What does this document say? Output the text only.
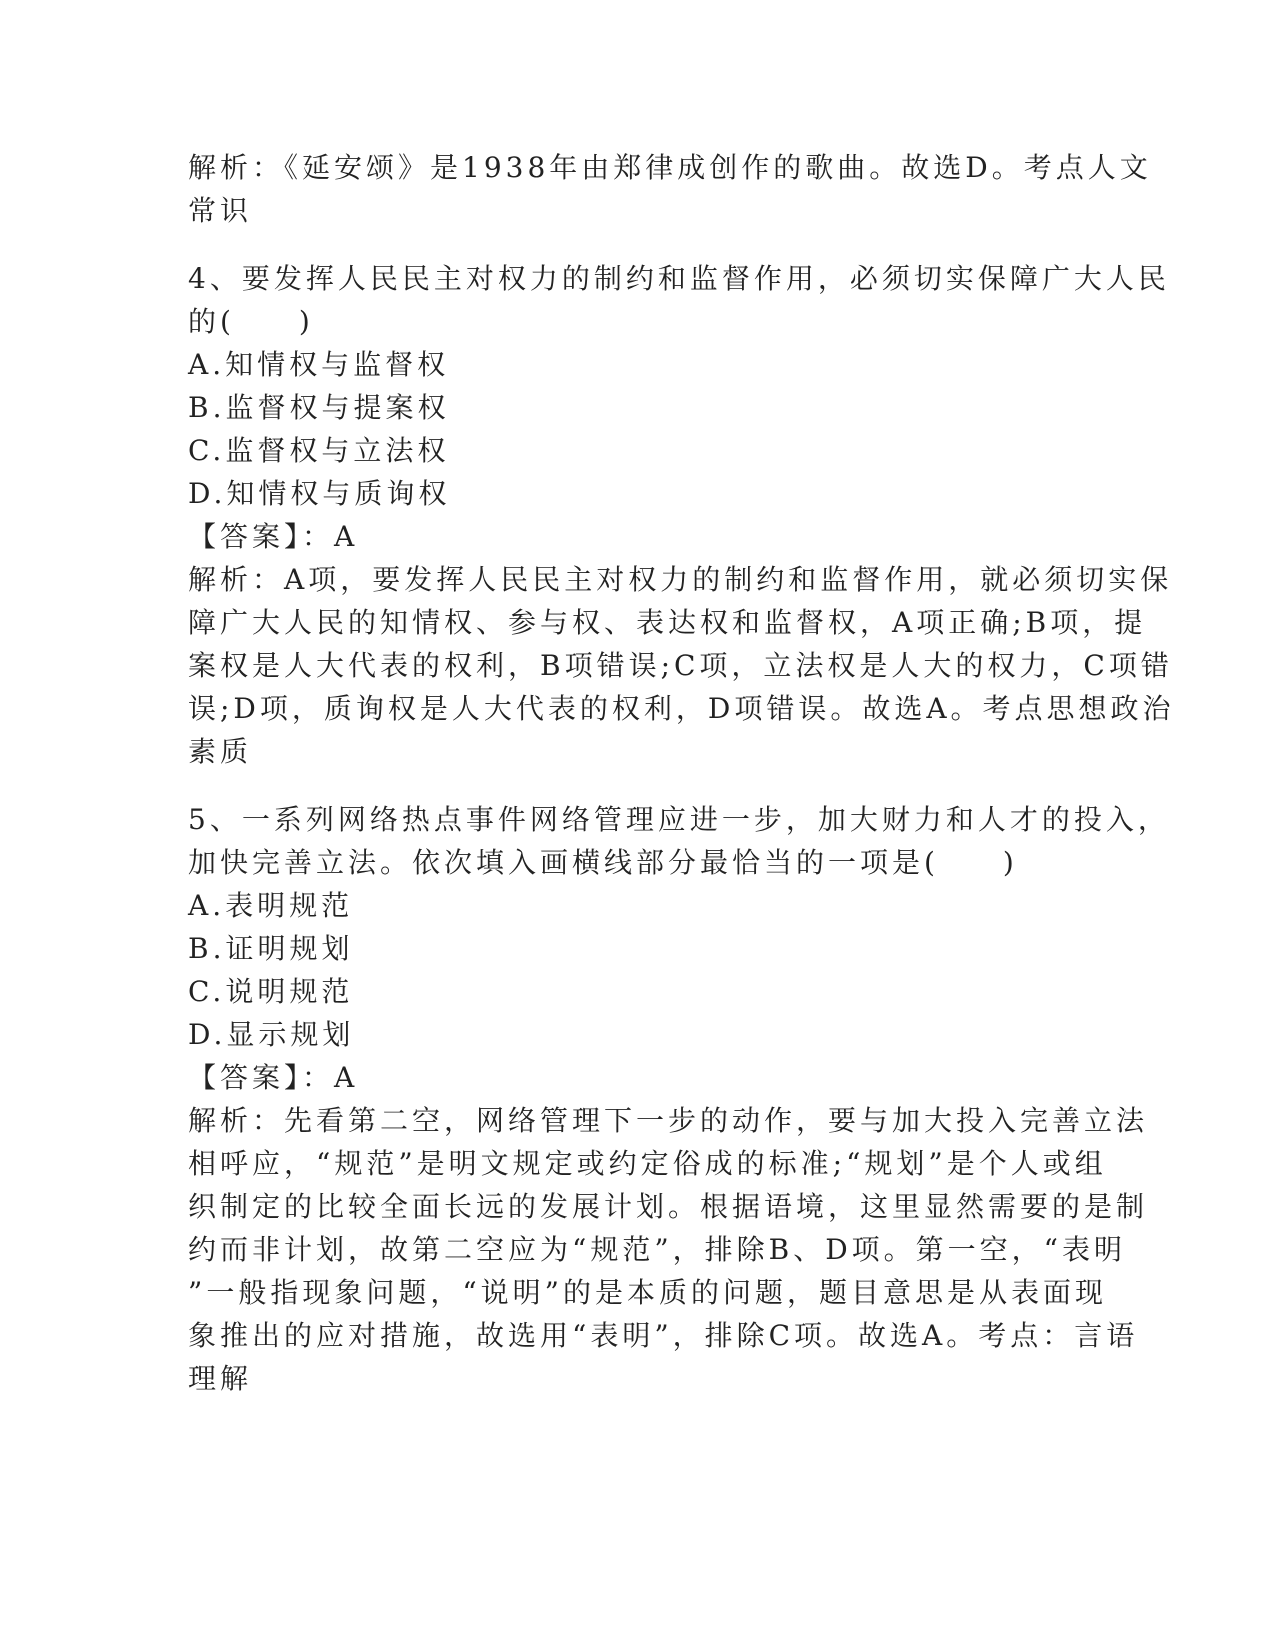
解析：《延安颂》是1938年由郑律成创作的歌曲。故选D。考点人文
常识
4、要发挥人民民主对权力的制约和监督作用，必须切实保障广大人民
的(　　)
A.知情权与监督权
B.监督权与提案权
C.监督权与立法权
D.知情权与质询权
【答案】：A
解析：A项，要发挥人民民主对权力的制约和监督作用，就必须切实保
障广大人民的知情权、参与权、表达权和监督权，A项正确;B项，提
案权是人大代表的权利，B项错误;C项，立法权是人大的权力，C项错
误;D项，质询权是人大代表的权利，D项错误。故选A。考点思想政治
素质
5、一系列网络热点事件网络管理应进一步，加大财力和人才的投入，
加快完善立法。依次填入画横线部分最恰当的一项是(　　)
A.表明规范
B.证明规划
C.说明规范
D.显示规划
【答案】：A
解析：先看第二空，网络管理下一步的动作，要与加大投入完善立法
相呼应，“规范”是明文规定或约定俗成的标准;“规划”是个人或组
织制定的比较全面长远的发展计划。根据语境，这里显然需要的是制
约而非计划，故第二空应为“规范”，排除B、D项。第一空，“表明
”一般指现象问题，“说明”的是本质的问题，题目意思是从表面现
象推出的应对措施，故选用“表明”，排除C项。故选A。考点：言语
理解
